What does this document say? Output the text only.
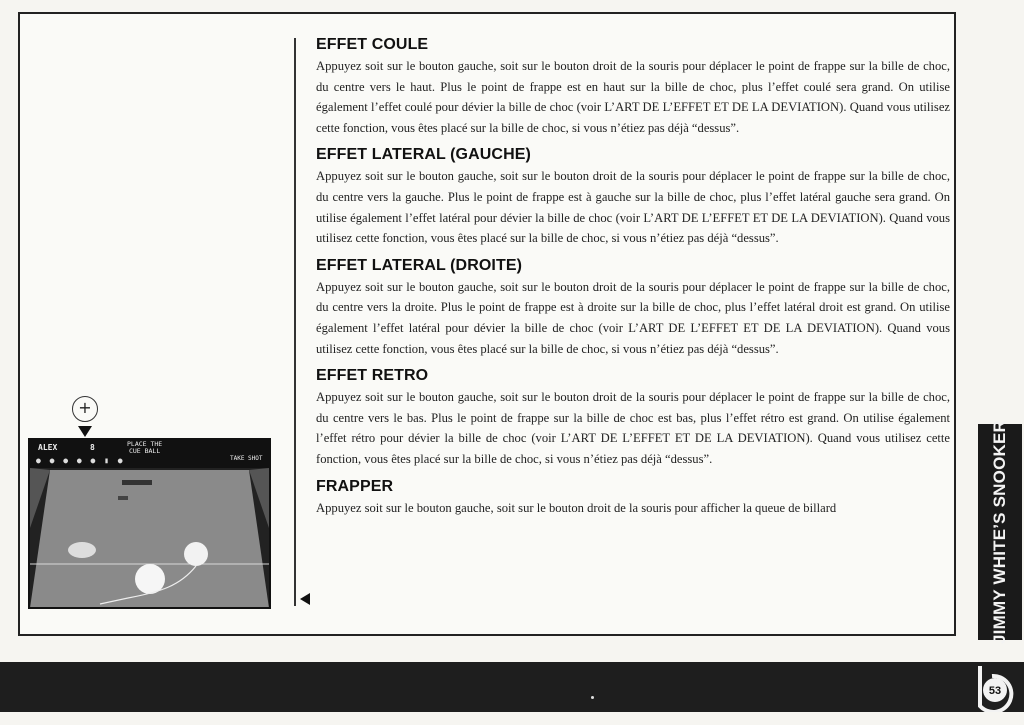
EFFET COULE

Appuyez soit sur le bouton gauche, soit sur le bouton droit de la souris pour déplacer le point de frappe sur la bille de choc, du centre vers le haut. Plus le point de frappe est en haut sur la bille de choc, plus l’effet coulé sera grand. On utilise également l’effet coulé pour dévier la bille de choc (voir L’ART DE L’EFFET ET DE LA DEVIATION). Quand vous utilisez cette fonction, vous êtes placé sur la bille de choc, si vous n’étiez pas déjà “dessus”.

EFFET LATERAL (GAUCHE)

Appuyez soit sur le bouton gauche, soit sur le bouton droit de la souris pour déplacer le point de frappe sur la bille de choc, du centre vers la gauche. Plus le point de frappe est à gauche sur la bille de choc, plus l’effet latéral gauche sera grand. On utilise également l’effet latéral pour dévier la bille de choc (voir L’ART DE L’EFFET ET DE LA DEVIATION). Quand vous utilisez cette fonction, vous êtes placé sur la bille de choc, si vous n’étiez pas déjà “dessus”.

EFFET LATERAL (DROITE)

Appuyez soit sur le bouton gauche, soit sur le bouton droit de la souris pour déplacer le point de frappe sur la bille de choc, du centre vers la droite. Plus le point de frappe est à droite sur la bille de choc, plus l’effet latéral droit est grand. On utilise également l’effet latéral pour dévier la bille de choc (voir L’ART DE L’EFFET ET DE LA DEVIATION). Quand vous utilisez cette fonction, vous êtes placé sur la bille de choc, si vous n’étiez pas déjà “dessus”.

EFFET RETRO

Appuyez soit sur le bouton gauche, soit sur le bouton droit de la souris pour déplacer le point de frappe sur la bille de choc, du centre vers le bas. Plus le point de frappe sur la bille de choc est bas, plus l’effet rétro est grand. On utilise également l’effet rétro pour dévier la bille de choc (voir L’ART DE L’EFFET ET DE LA DEVIATION). Quand vous utilisez cette fonction, vous êtes placé sur la bille de choc, si vous n’étiez pas déjà “dessus”.

FRAPPER

Appuyez soit sur le bouton gauche, soit sur le bouton droit de la souris pour afficher la queue de billard

+
ALEX	8	PLACE THE
CUE BALL
● ● ● ● ● ▮ ●	TAKE SHOT	JIMMY WHITE’S SNOOKER
53
